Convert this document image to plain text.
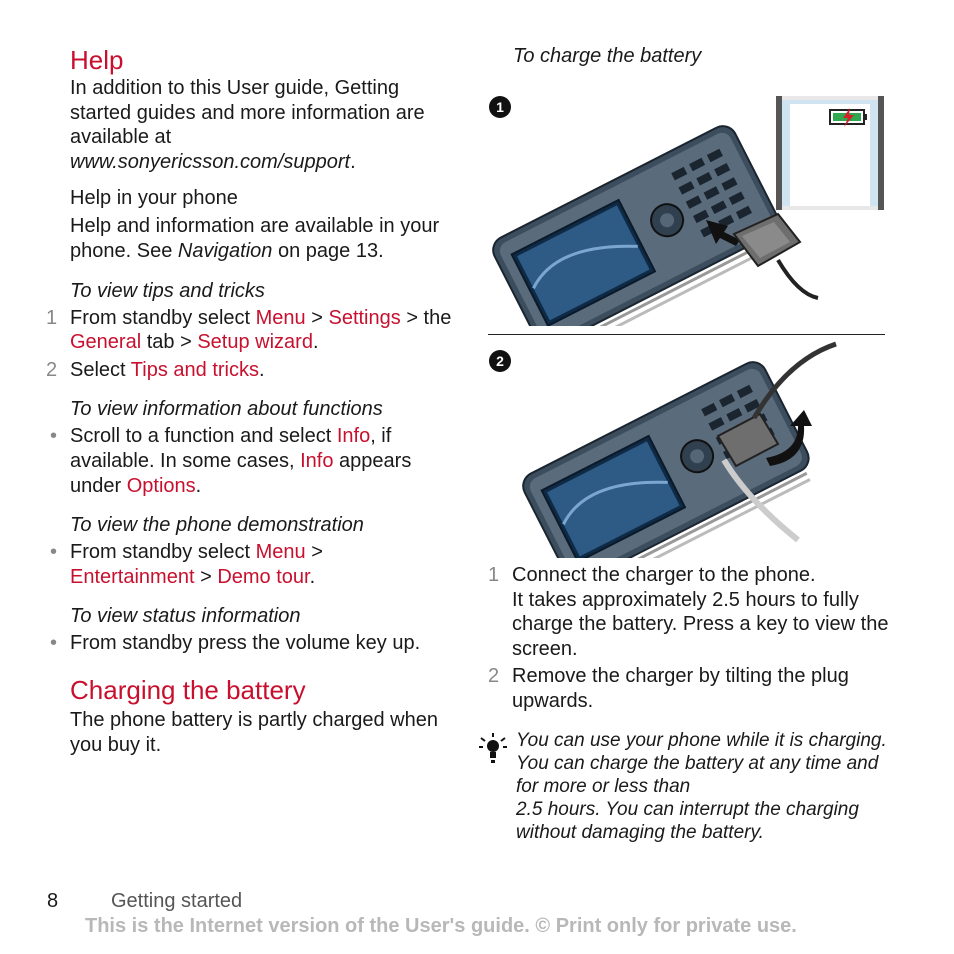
Help

In addition to this User guide, Getting started guides and more information are available at www.sonyericsson.com/support.

Help in your phone

Help and information are available in your phone. See Navigation on page 13.

To view tips and tricks
1 From standby select Menu > Settings > the General tab > Setup wizard.
2 Select Tips and tricks.
To view information about functions
• Scroll to a function and select Info, if available. In some cases, Info appears under Options.
To view the phone demonstration
• From standby select Menu >
Entertainment > Demo tour.
To view status information
• From standby press the volume key up.
Charging the battery

The phone battery is partly charged when you buy it.

To charge the battery
1
2
1 Connect the charger to the phone.
It takes approximately 2.5 hours to fully charge the battery. Press a key to view the screen.
2 Remove the charger by tilting the plug upwards.
You can use your phone while it is charging. You can charge the battery at any time and for more or less than
2.5 hours. You can interrupt the charging without damaging the battery.
8	Getting started
This is the Internet version of the User's guide. © Print only for private use.
